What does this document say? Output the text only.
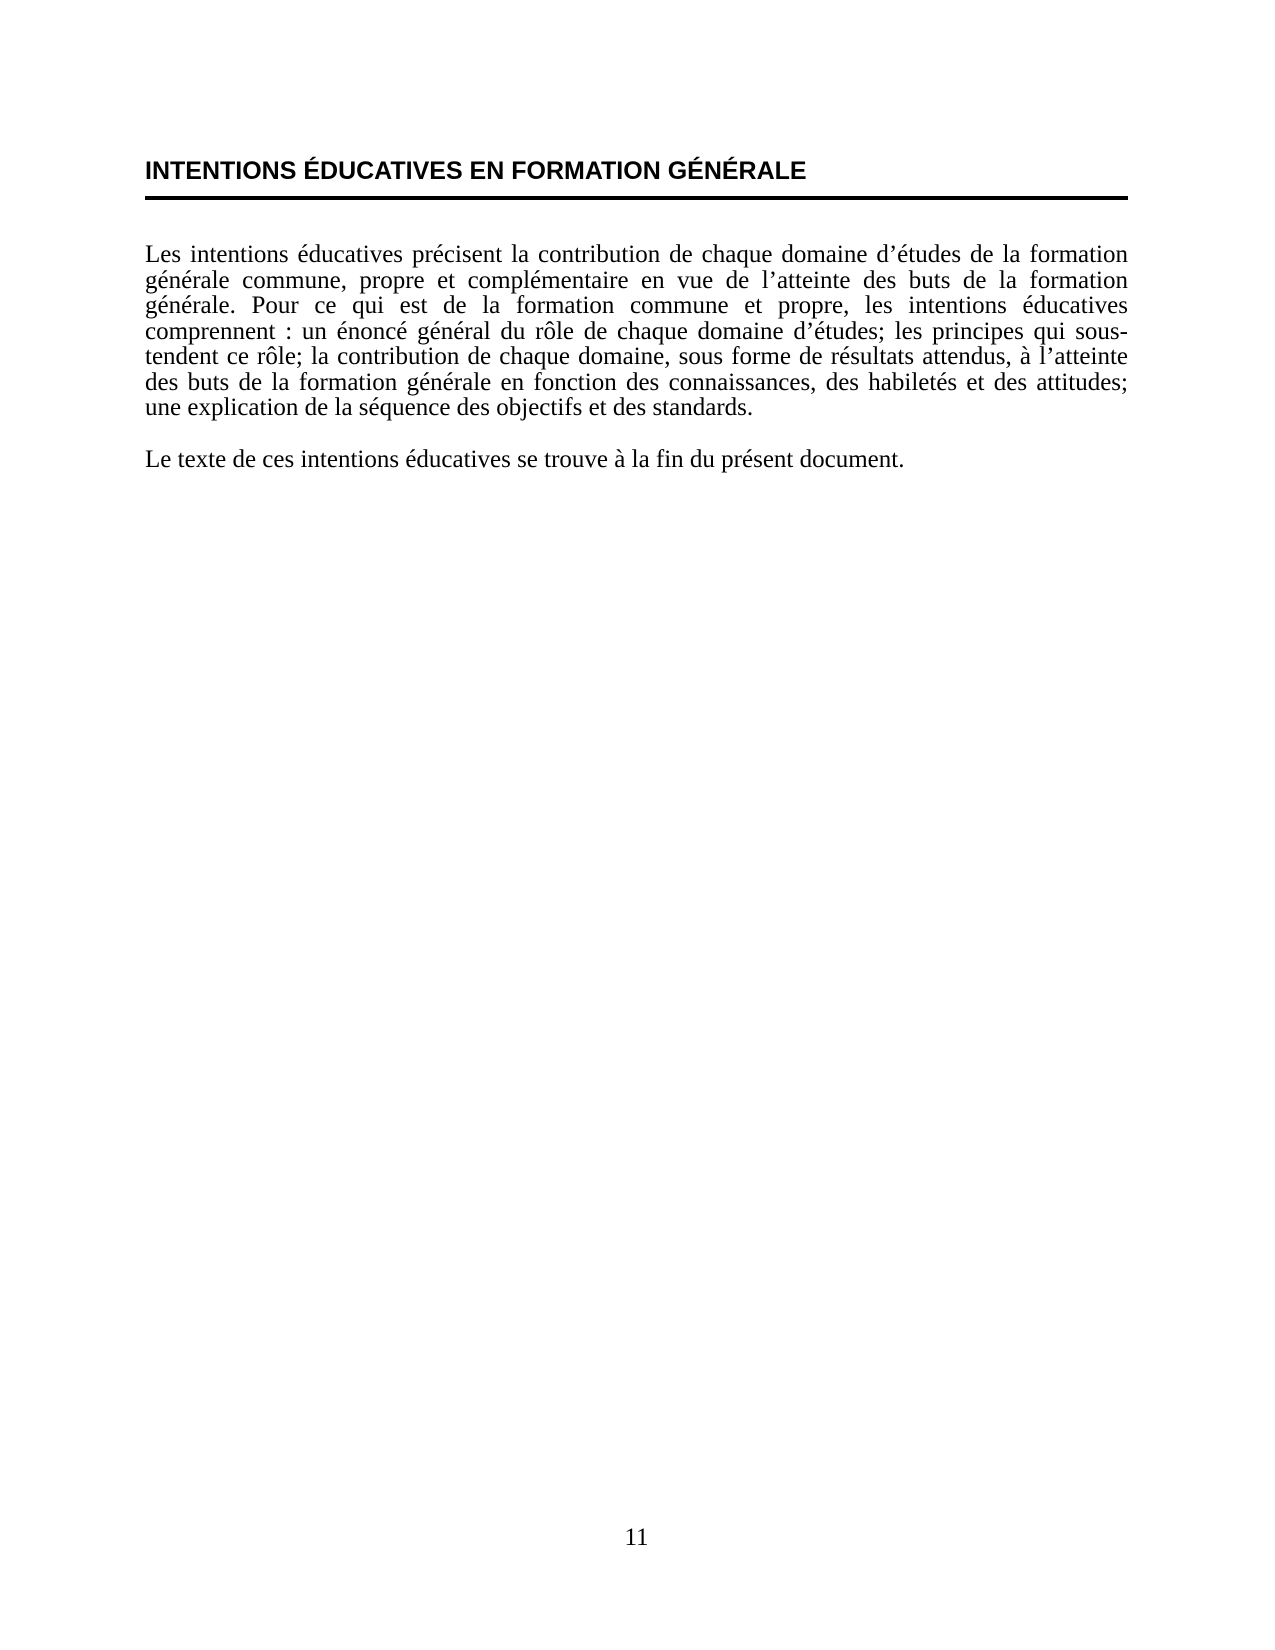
INTENTIONS ÉDUCATIVES EN FORMATION GÉNÉRALE

Les intentions éducatives précisent la contribution de chaque domaine d’études de la formation générale commune, propre et complémentaire en vue de l’atteinte des buts de la formation générale. Pour ce qui est de la formation commune et propre, les intentions éducatives comprennent : un énoncé général du rôle de chaque domaine d’études; les principes qui sous-tendent ce rôle; la contribution de chaque domaine, sous forme de résultats attendus, à l’atteinte des buts de la formation générale en fonction des connaissances, des habiletés et des attitudes; une explication de la séquence des objectifs et des standards.

Le texte de ces intentions éducatives se trouve à la fin du présent document.

11
